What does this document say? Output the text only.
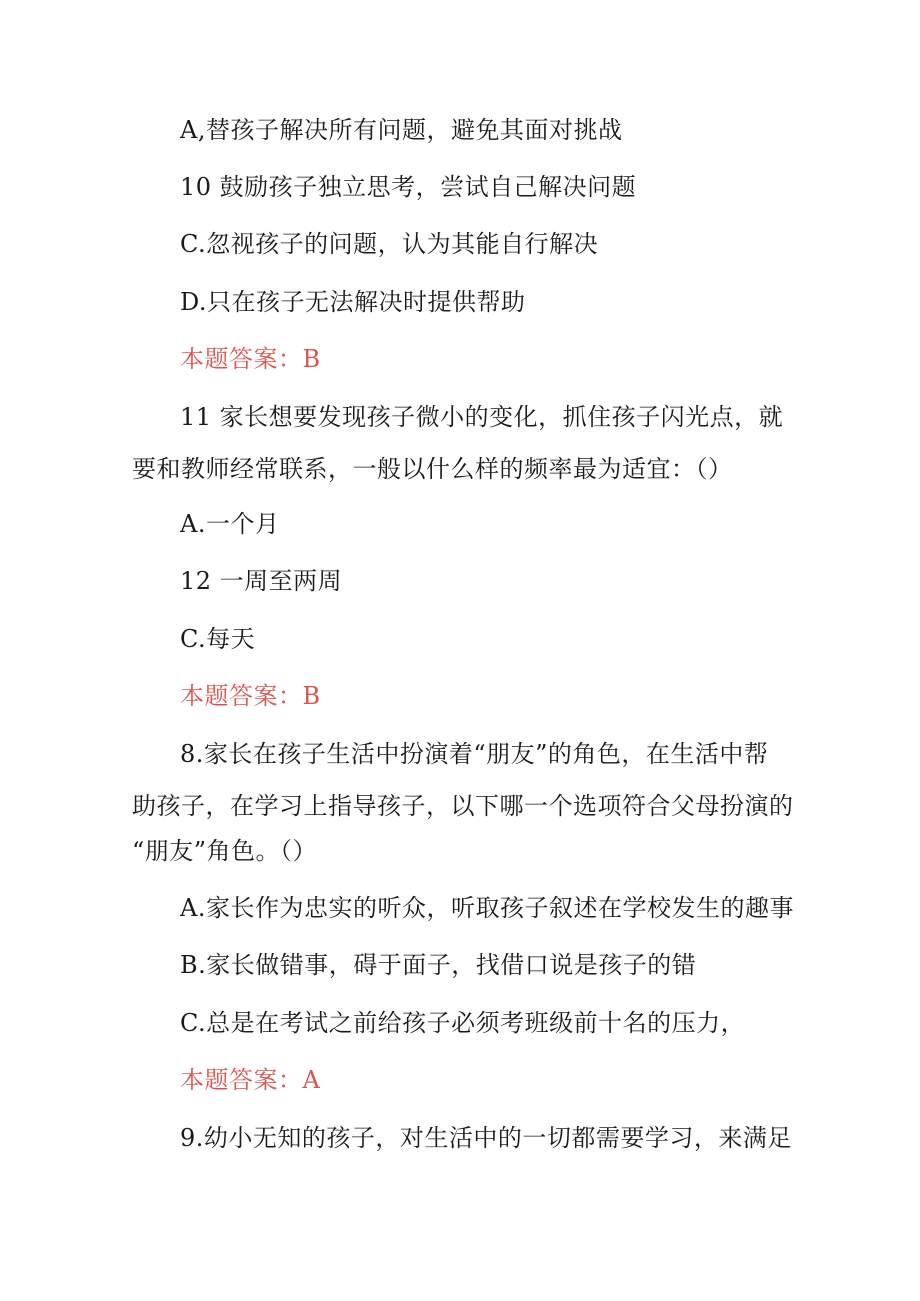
A,替孩子解决所有问题，避免其面对挑战
10 鼓励孩子独立思考，尝试自己解决问题
C.忽视孩子的问题，认为其能自行解决
D.只在孩子无法解决时提供帮助
本题答案：B
11 家长想要发现孩子微小的变化，抓住孩子闪光点，就
要和教师经常联系，一般以什么样的频率最为适宜：（）
A.一个月
12 一周至两周
C.每天
本题答案：B
8.家长在孩子生活中扮演着“朋友”的角色，在生活中帮
助孩子，在学习上指导孩子，以下哪一个选项符合父母扮演的
“朋友”角色。（）
A.家长作为忠实的听众，听取孩子叙述在学校发生的趣事
B.家长做错事，碍于面子，找借口说是孩子的错
C.总是在考试之前给孩子必须考班级前十名的压力，
本题答案：A
9.幼小无知的孩子，对生活中的一切都需要学习，来满足
